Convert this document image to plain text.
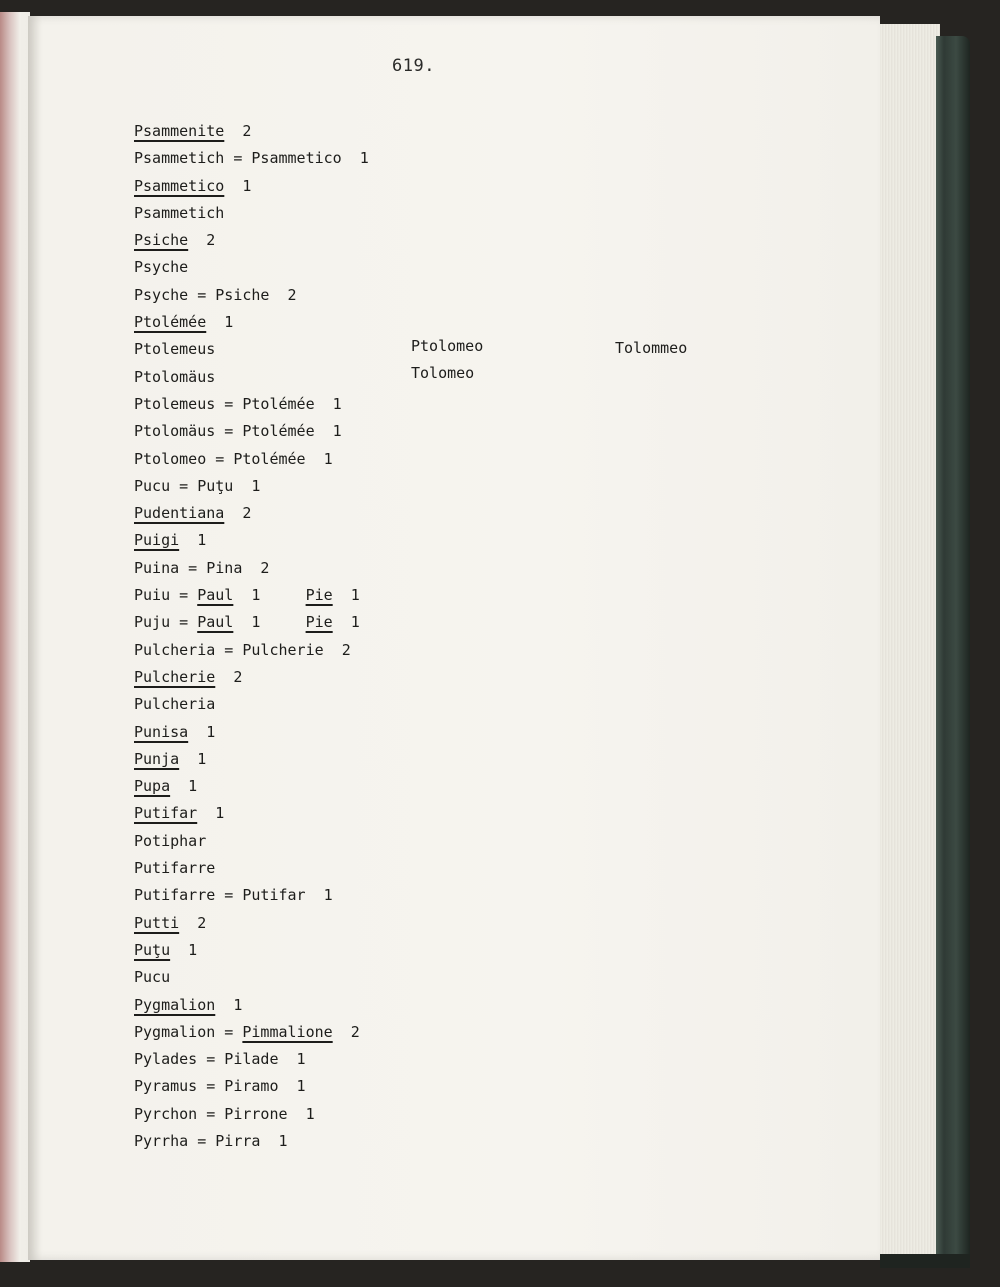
619.
Psammenite  2
Psammetich = Psammetico  1
Psammetico  1
Psammetich
Psiche  2
Psyche
Psyche = Psiche  2
Ptolémée  1
Ptolemeus
Ptolomäus
Ptolemeus = Ptolémée  1
Ptolomäus = Ptolémée  1
Ptolomeo = Ptolémée  1
Pucu = Puţu  1
Pudentiana  2
Puigi  1
Puina = Pina  2
Puiu = Paul  1     Pie  1
Puju = Paul  1     Pie  1
Pulcheria = Pulcherie  2
Pulcherie  2
Pulcheria
Punisa  1
Punja  1
Pupa  1
Putifar  1
Potiphar
Putifarre
Putifarre = Putifar  1
Putti  2
Puţu  1
Pucu
Pygmalion  1
Pygmalion = Pimmalione  2
Pylades = Pilade  1
Pyramus = Piramo  1
Pyrchon = Pirrone  1
Pyrrha = Pirra  1
Ptolomeo	Tolommeo
Tolomeo
